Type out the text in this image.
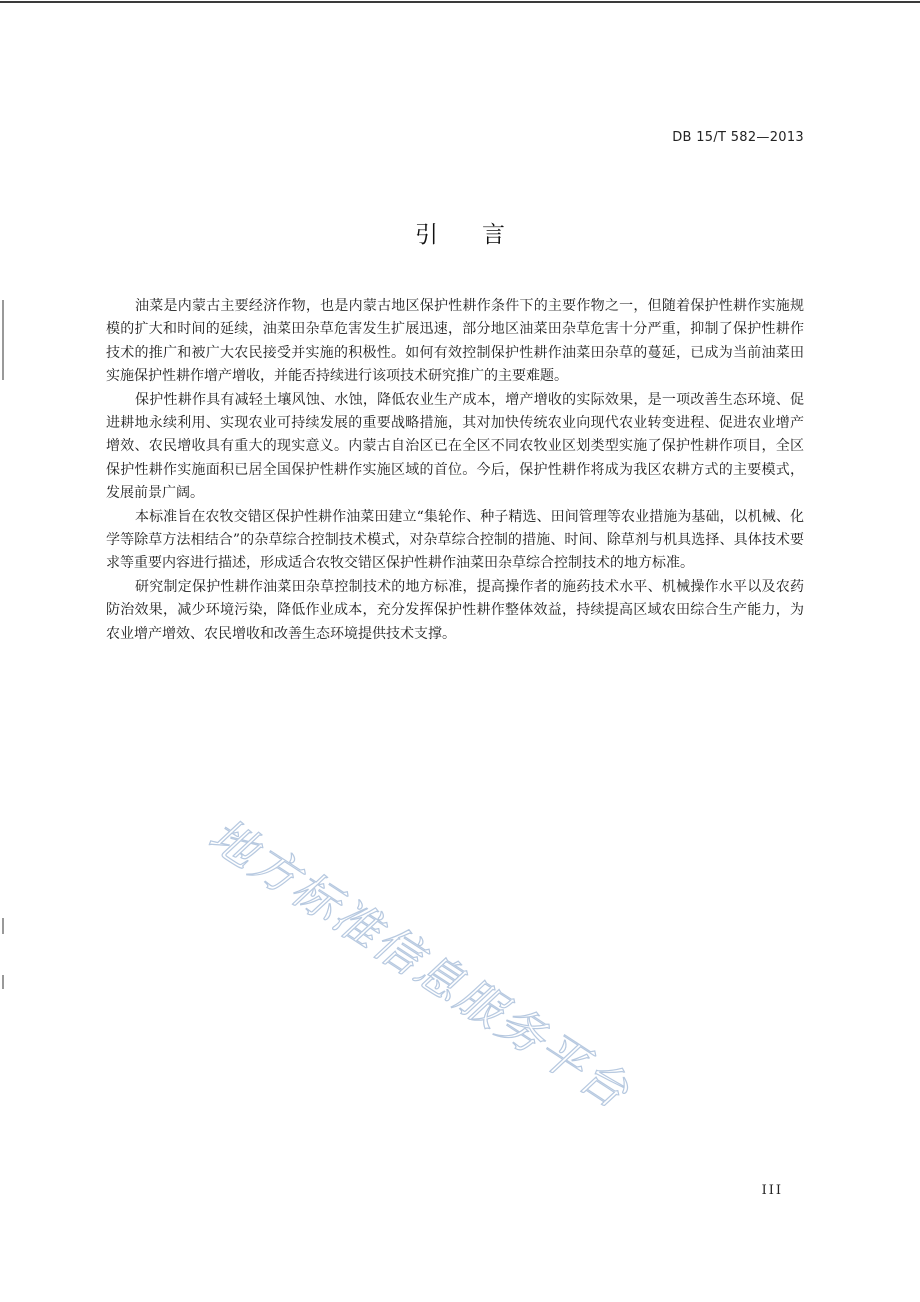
DB 15/T 582—2013
引言

油菜是内蒙古主要经济作物，也是内蒙古地区保护性耕作条件下的主要作物之一，但随着保护性耕作实施规模的扩大和时间的延续，油菜田杂草危害发生扩展迅速，部分地区油菜田杂草危害十分严重，抑制了保护性耕作技术的推广和被广大农民接受并实施的积极性。如何有效控制保护性耕作油菜田杂草的蔓延，已成为当前油菜田实施保护性耕作增产增收，并能否持续进行该项技术研究推广的主要难题。

保护性耕作具有减轻土壤风蚀、水蚀，降低农业生产成本，增产增收的实际效果，是一项改善生态环境、促进耕地永续利用、实现农业可持续发展的重要战略措施，其对加快传统农业向现代农业转变进程、促进农业增产增效、农民增收具有重大的现实意义。内蒙古自治区已在全区不同农牧业区划类型实施了保护性耕作项目，全区保护性耕作实施面积已居全国保护性耕作实施区域的首位。今后，保护性耕作将成为我区农耕方式的主要模式，发展前景广阔。

本标准旨在农牧交错区保护性耕作油菜田建立“集轮作、种子精选、田间管理等农业措施为基础，以机械、化学等除草方法相结合”的杂草综合控制技术模式，对杂草综合控制的措施、时间、除草剂与机具选择、具体技术要求等重要内容进行描述，形成适合农牧交错区保护性耕作油菜田杂草综合控制技术的地方标准。

研究制定保护性耕作油菜田杂草控制技术的地方标准，提高操作者的施药技术水平、机械操作水平以及农药防治效果，减少环境污染，降低作业成本，充分发挥保护性耕作整体效益，持续提高区域农田综合生产能力，为农业增产增效、农民增收和改善生态环境提供技术支撑。

地方标准信息服务平台
III
